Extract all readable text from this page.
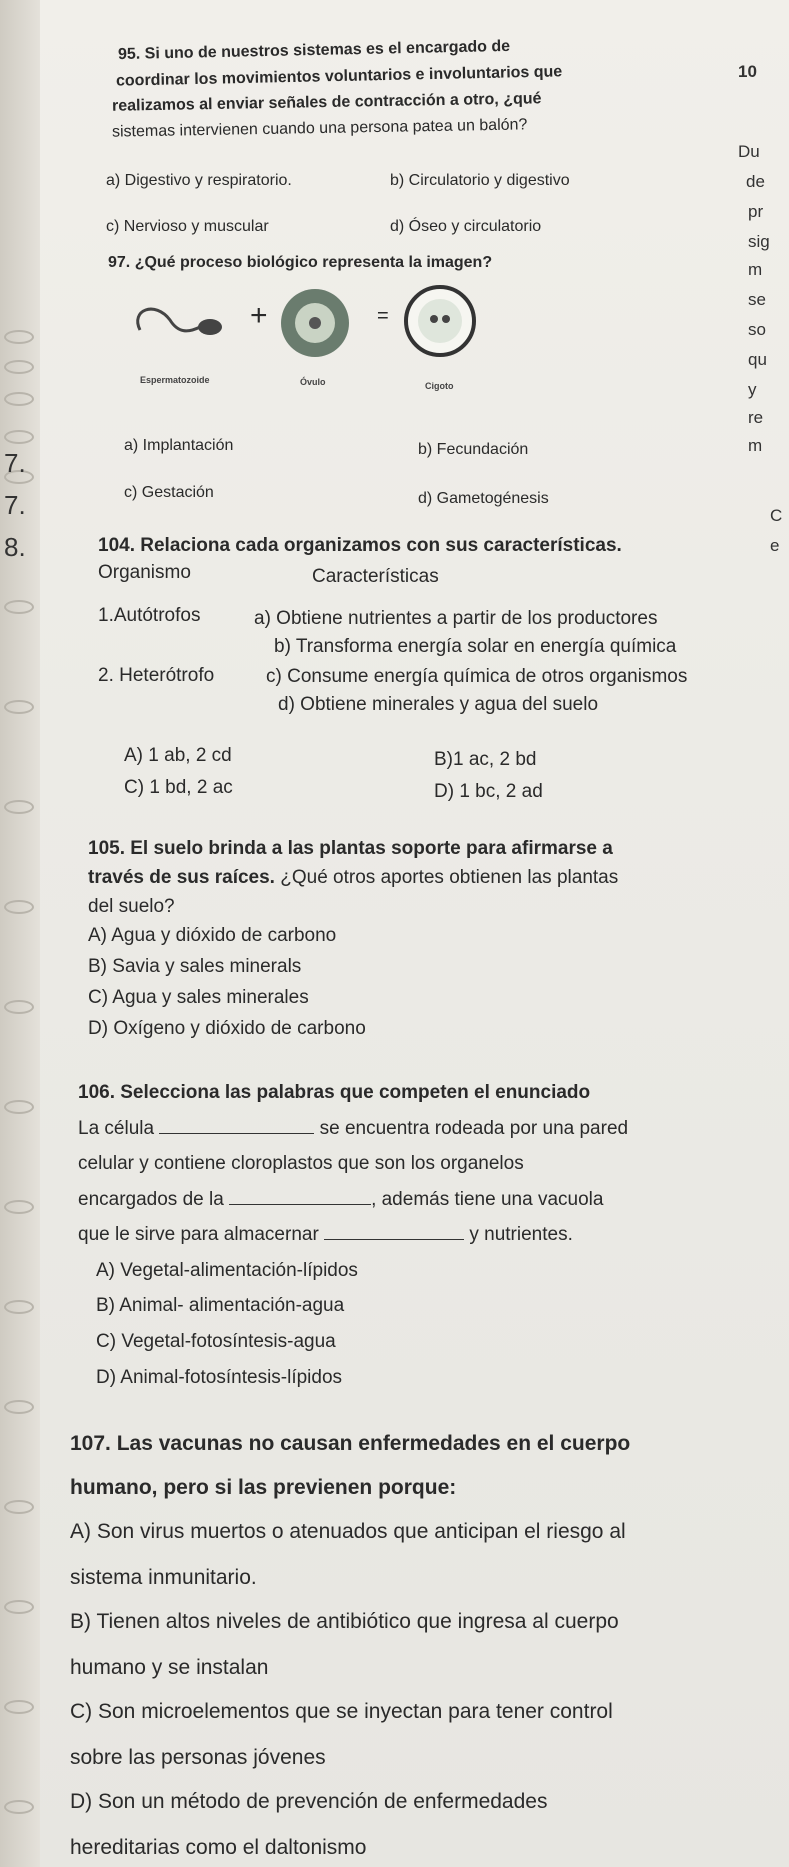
7.
7.
8.
95. Si uno de nuestros sistemas es el encargado de
coordinar los movimientos voluntarios e involuntarios que
realizamos al enviar señales de contracción a otro, ¿qué
sistemas intervienen cuando una persona patea un balón?
a) Digestivo y respiratorio.	b) Circulatorio y digestivo
c) Nervioso y muscular	d) Óseo y circulatorio
97. ¿Qué proceso biológico representa la imagen?
+	=
Espermatozoide	Óvulo	Cigoto
a) Implantación	b) Fecundación
c) Gestación	d) Gametogénesis
104. Relaciona cada organizamos con sus características.
Organismo	Características
1.Autótrofos	a) Obtiene nutrientes a partir de los productores
b) Transforma energía solar en energía química
2. Heterótrofo	c) Consume energía química de otros organismos
d) Obtiene minerales y agua del suelo
A) 1 ab, 2 cd	B)1 ac, 2 bd
C) 1 bd, 2 ac	D) 1 bc, 2 ad
105. El suelo brinda a las plantas soporte para afirmarse a
través de sus raíces. ¿Qué otros aportes obtienen las plantas
del suelo?
A) Agua y dióxido de carbono
B) Savia y sales minerals
C) Agua y sales minerales
D) Oxígeno y dióxido de carbono
106. Selecciona las palabras que competen el enunciado
La célula	se encuentra rodeada por una pared
celular y contiene cloroplastos que son los organelos
encargados de la	, además tiene una vacuola
que le sirve para almacernar	y nutrientes.
A) Vegetal-alimentación-lípidos
B) Animal- alimentación-agua
C) Vegetal-fotosíntesis-agua
D) Animal-fotosíntesis-lípidos
107. Las vacunas no causan enfermedades en el cuerpo
humano, pero si las previenen porque:
A) Son virus muertos o atenuados que anticipan el riesgo al
sistema inmunitario.
B) Tienen altos niveles de antibiótico que ingresa al cuerpo
humano y se instalan
C) Son microelementos que se inyectan para tener control
sobre las personas jóvenes
D) Son un método de prevención de enfermedades
hereditarias como el daltonismo
10
Du
de
pr
sig
m
se
so
qu
y
re
m
C
e
